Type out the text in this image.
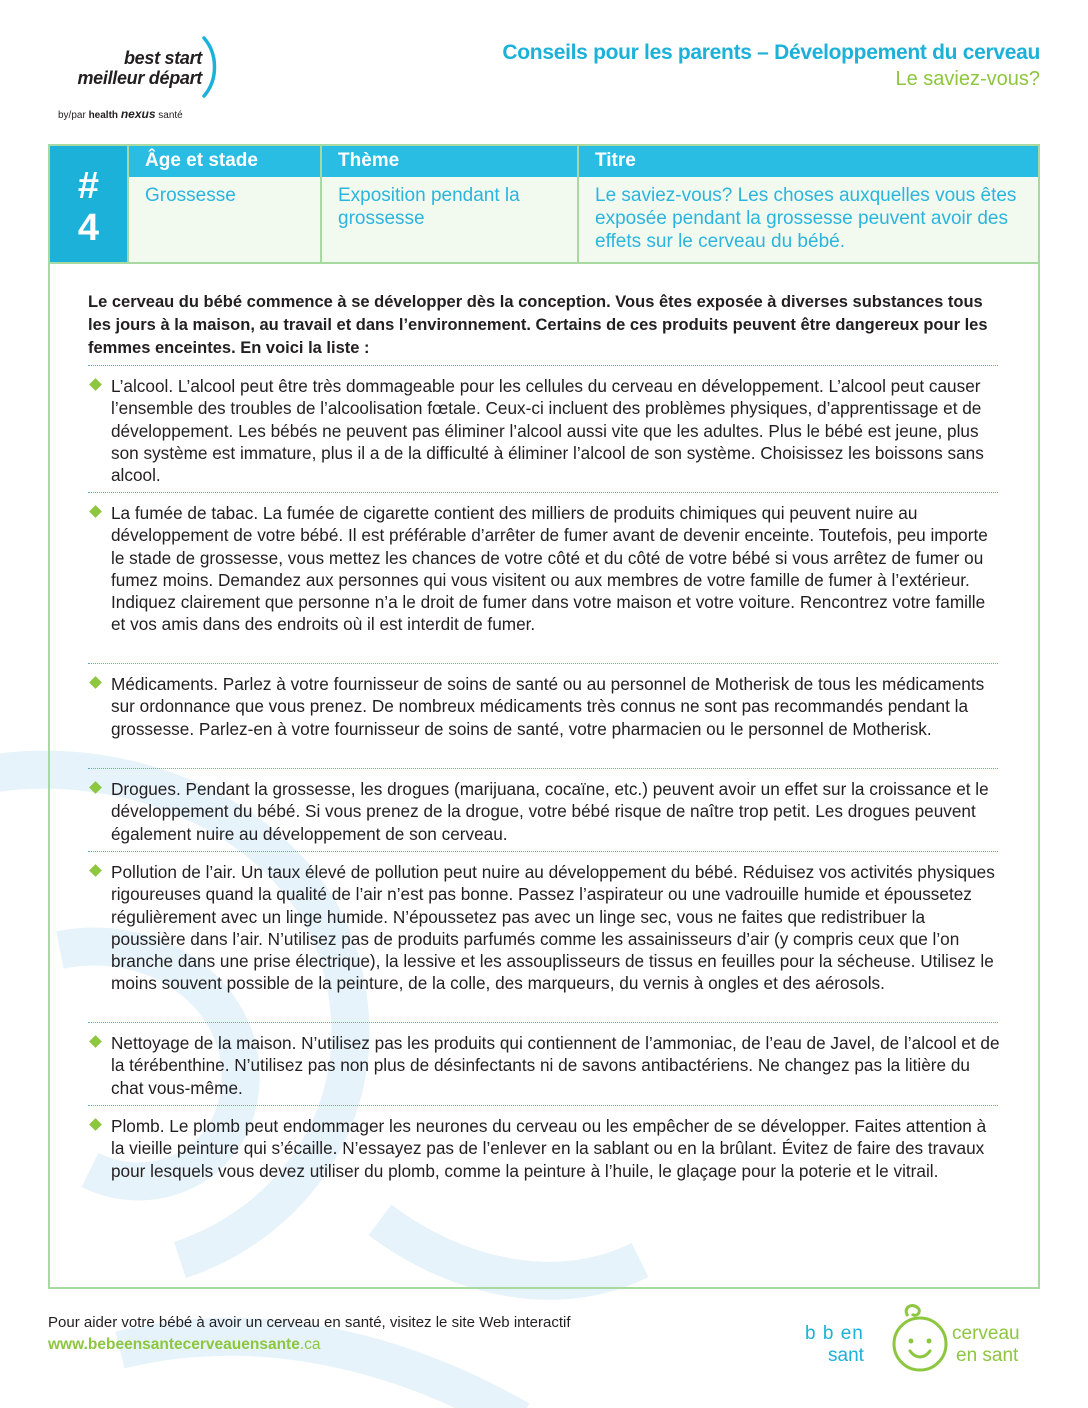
best start
meilleur départ
by/par health nexus santé
Conseils pour les parents – Développement du cerveau
Le saviez-vous?
#
4
Âge et stade
Grossesse
Thème
Exposition pendant la grossesse
Titre
Le saviez-vous? Les choses auxquelles vous êtes exposée pendant la grossesse peuvent avoir des effets sur le cerveau du bébé.
Le cerveau du bébé commence à se développer dès la conception. Vous êtes exposée à diverses substances tous les jours à la maison, au travail et dans l’environnement. Certains de ces produits peuvent être dangereux pour les femmes enceintes. En voici la liste :
L’alcool. L’alcool peut être très dommageable pour les cellules du cerveau en développement. L’alcool peut causer l’ensemble des troubles de l’alcoolisation fœtale. Ceux-ci incluent des problèmes physiques, d’apprentissage et de développement. Les bébés ne peuvent pas éliminer l’alcool aussi vite que les adultes. Plus le bébé est jeune, plus son système est immature, plus il a de la difficulté à éliminer l’alcool de son système. Choisissez les boissons sans alcool.
La fumée de tabac. La fumée de cigarette contient des milliers de produits chimiques qui peuvent nuire au développement de votre bébé. Il est préférable d’arrêter de fumer avant de devenir enceinte. Toutefois, peu importe le stade de grossesse, vous mettez les chances de votre côté et du côté de votre bébé si vous arrêtez de fumer ou fumez moins. Demandez aux personnes qui vous visitent ou aux membres de votre famille de fumer à l’extérieur. Indiquez clairement que personne n’a le droit de fumer dans votre maison et votre voiture. Rencontrez votre famille et vos amis dans des endroits où il est interdit de fumer.
Médicaments. Parlez à votre fournisseur de soins de santé ou au personnel de Motherisk de tous les médicaments sur ordonnance que vous prenez. De nombreux médicaments très connus ne sont pas recommandés pendant la grossesse. Parlez-en à votre fournisseur de soins de santé, votre pharmacien ou le personnel de Motherisk.
Drogues. Pendant la grossesse, les drogues (marijuana, cocaïne, etc.) peuvent avoir un effet sur la croissance et le développement du bébé. Si vous prenez de la drogue, votre bébé risque de naître trop petit. Les drogues peuvent également nuire au développement de son cerveau.
Pollution de l’air. Un taux élevé de pollution peut nuire au développement du bébé. Réduisez vos activités physiques rigoureuses quand la qualité de l’air n’est pas bonne. Passez l’aspirateur ou une vadrouille humide et époussetez régulièrement avec un linge humide. N’époussetez pas avec un linge sec, vous ne faites que redistribuer la poussière dans l’air. N’utilisez pas de produits parfumés comme les assainisseurs d’air (y compris ceux que l’on branche dans une prise électrique), la lessive et les assouplisseurs de tissus en feuilles pour la sécheuse. Utilisez le moins souvent possible de la peinture, de la colle, des marqueurs, du vernis à ongles et des aérosols.
Nettoyage de la maison. N’utilisez pas les produits qui contiennent de l’ammoniac, de l’eau de Javel, de l’alcool et de la térébenthine. N’utilisez pas non plus de désinfectants ni de savons antibactériens. Ne changez pas la litière du chat vous-même.
Plomb. Le plomb peut endommager les neurones du cerveau ou les empêcher de se développer. Faites attention à la vieille peinture qui s’écaille. N’essayez pas de l’enlever en la sablant ou en la brûlant. Évitez de faire des travaux pour lesquels vous devez utiliser du plomb, comme la peinture à l’huile, le glaçage pour la poterie et le vitrail.
Pour aider votre bébé à avoir un cerveau en santé, visitez le site Web interactif
www.bebeensantecerveauensante.ca
b b en
sant
cerveau
en sant
